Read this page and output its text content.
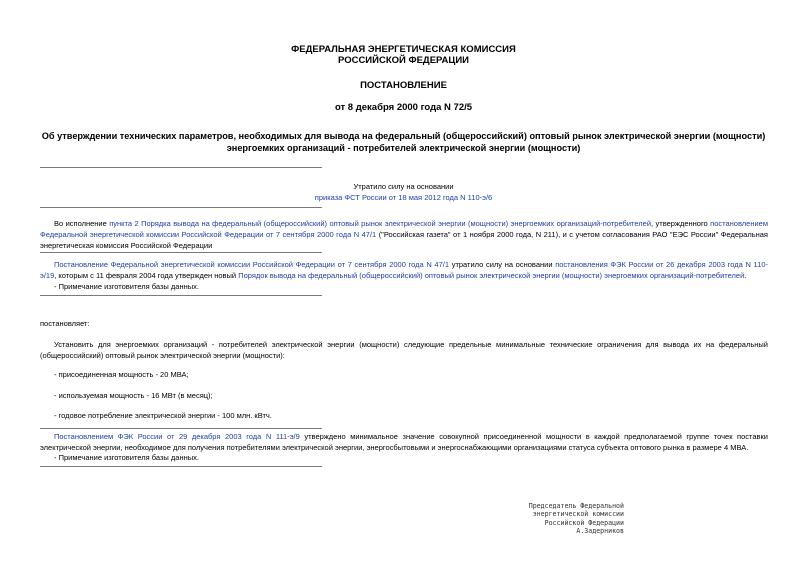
ФЕДЕРАЛЬНАЯ ЭНЕРГЕТИЧЕСКАЯ КОМИССИЯ
РОССИЙСКОЙ ФЕДЕРАЦИИ
ПОСТАНОВЛЕНИЕ
от 8 декабря 2000 года N 72/5
Об утверждении технических параметров, необходимых для вывода на федеральный (общероссийский) оптовый рынок электрической энергии (мощности)
энергоемких организаций - потребителей электрической энергии (мощности)
Утратило силу на основании
приказа ФСТ России от 18 мая 2012 года N 110-э/6
Во исполнение пункта 2 Порядка вывода на федеральный (общероссийский) оптовый рынок электрической энергии (мощности) энергоемких организаций-потребителей, утвержденного постановлением Федеральной энергетической комиссии Российской Федерации от 7 сентября 2000 года N 47/1 ("Российская газета" от 1 ноября 2000 года, N 211), и с учетом согласования РАО "ЕЭС России" Федеральная энергетическая комиссия Российской Федерации
Постановление Федеральной энергетической комиссии Российской Федерации от 7 сентября 2000 года N 47/1 утратило силу на основании постановления ФЭК России от 26 декабря 2003 года N 110-э/19, которым с 11 февраля 2004 года утвержден новый Порядок вывода на федеральный (общероссийский) оптовый рынок электрической энергии (мощности) энергоемких организаций-потребителей.
- Примечание изготовителя базы данных.
постановляет:
Установить для энергоемких организаций - потребителей электрической энергии (мощности) следующие предельные минимальные технические ограничения для вывода их на федеральный (общероссийский) оптовый рынок электрической энергии (мощности):
- присоединенная мощность - 20 МВА;
- используемая мощность - 16 МВт (в месяц);
- годовое потребление электрической энергии - 100 млн. кВтч.
Постановлением ФЭК России от 29 декабря 2003 года N 111-э/9 утверждено минимальное значение совокупной присоединенной мощности в каждой предполагаемой группе точек поставки электрической энергии, необходимое для получения потребителями электрической энергии, энергосбытовыми и энергоснабжающими организациями статуса субъекта оптового рынка в размере 4 МВА.
- Примечание изготовителя базы данных.
Председатель Федеральной
энергетической комиссии
Российской Федерации
А.Задерников
